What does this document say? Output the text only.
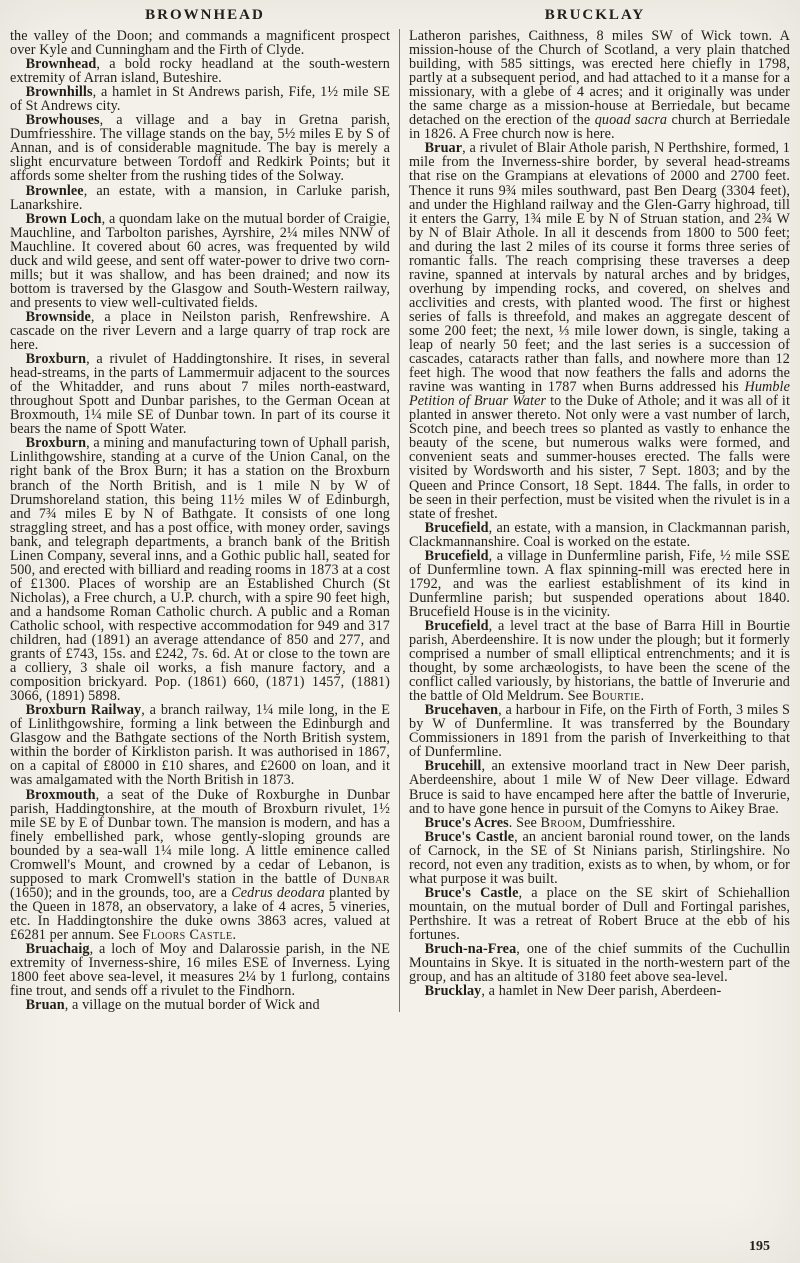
BROWNHEAD	BRUCKLAY

the valley of the Doon; and commands a magnificent prospect over Kyle and Cunningham and the Firth of Clyde.

Brownhead, a bold rocky headland at the south-western extremity of Arran island, Buteshire.

Brownhills, a hamlet in St Andrews parish, Fife, 1½ mile SE of St Andrews city.

Browhouses, a village and a bay in Gretna parish, Dumfriesshire. The village stands on the bay, 5½ miles E by S of Annan, and is of considerable magnitude. The bay is merely a slight encurvature between Tordoff and Redkirk Points; but it affords some shelter from the rushing tides of the Solway.

Brownlee, an estate, with a mansion, in Carluke parish, Lanarkshire.

Brown Loch, a quondam lake on the mutual border of Craigie, Mauchline, and Tarbolton parishes, Ayrshire, 2¼ miles NNW of Mauchline. It covered about 60 acres, was frequented by wild duck and wild geese, and sent off water-power to drive two corn-mills; but it was shallow, and has been drained; and now its bottom is traversed by the Glasgow and South-Western railway, and presents to view well-cultivated fields.

Brownside, a place in Neilston parish, Renfrewshire. A cascade on the river Levern and a large quarry of trap rock are here.

Broxburn, a rivulet of Haddingtonshire. It rises, in several head-streams, in the parts of Lammermuir adjacent to the sources of the Whitadder, and runs about 7 miles north-eastward, throughout Spott and Dunbar parishes, to the German Ocean at Broxmouth, 1¼ mile SE of Dunbar town. In part of its course it bears the name of Spott Water.

Broxburn, a mining and manufacturing town of Uphall parish, Linlithgowshire, standing at a curve of the Union Canal, on the right bank of the Brox Burn; it has a station on the Broxburn branch of the North British, and is 1 mile N by W of Drumshoreland station, this being 11½ miles W of Edinburgh, and 7¾ miles E by N of Bathgate. It consists of one long straggling street, and has a post office, with money order, savings bank, and telegraph departments, a branch bank of the British Linen Company, several inns, and a Gothic public hall, seated for 500, and erected with billiard and reading rooms in 1873 at a cost of £1300. Places of worship are an Established Church (St Nicholas), a Free church, a U.P. church, with a spire 90 feet high, and a handsome Roman Catholic church. A public and a Roman Catholic school, with respective accommodation for 949 and 317 children, had (1891) an average attendance of 850 and 277, and grants of £743, 15s. and £242, 7s. 6d. At or close to the town are a colliery, 3 shale oil works, a fish manure factory, and a composition brickyard. Pop. (1861) 660, (1871) 1457, (1881) 3066, (1891) 5898.

Broxburn Railway, a branch railway, 1¼ mile long, in the E of Linlithgowshire, forming a link between the Edinburgh and Glasgow and the Bathgate sections of the North British system, within the border of Kirkliston parish. It was authorised in 1867, on a capital of £8000 in £10 shares, and £2600 on loan, and it was amalgamated with the North British in 1873.

Broxmouth, a seat of the Duke of Roxburghe in Dunbar parish, Haddingtonshire, at the mouth of Broxburn rivulet, 1½ mile SE by E of Dunbar town. The mansion is modern, and has a finely embellished park, whose gently-sloping grounds are bounded by a sea-wall 1¼ mile long. A little eminence called Cromwell's Mount, and crowned by a cedar of Lebanon, is supposed to mark Cromwell's station in the battle of Dunbar (1650); and in the grounds, too, are a Cedrus deodara planted by the Queen in 1878, an observatory, a lake of 4 acres, 5 vineries, etc. In Haddingtonshire the duke owns 3863 acres, valued at £6281 per annum. See Floors Castle.

Bruachaig, a loch of Moy and Dalarossie parish, in the NE extremity of Inverness-shire, 16 miles ESE of Inverness. Lying 1800 feet above sea-level, it measures 2¼ by 1 furlong, contains fine trout, and sends off a rivulet to the Findhorn.

Bruan, a village on the mutual border of Wick and

Latheron parishes, Caithness, 8 miles SW of Wick town. A mission-house of the Church of Scotland, a very plain thatched building, with 585 sittings, was erected here chiefly in 1798, partly at a subsequent period, and had attached to it a manse for a missionary, with a glebe of 4 acres; and it originally was under the same charge as a mission-house at Berriedale, but became detached on the erection of the quoad sacra church at Berriedale in 1826. A Free church now is here.

Bruar, a rivulet of Blair Athole parish, N Perthshire, formed, 1 mile from the Inverness-shire border, by several head-streams that rise on the Grampians at elevations of 2000 and 2700 feet. Thence it runs 9¾ miles southward, past Ben Dearg (3304 feet), and under the Highland railway and the Glen-Garry highroad, till it enters the Garry, 1¾ mile E by N of Struan station, and 2¾ W by N of Blair Athole. In all it descends from 1800 to 500 feet; and during the last 2 miles of its course it forms three series of romantic falls. The reach comprising these traverses a deep ravine, spanned at intervals by natural arches and by bridges, overhung by impending rocks, and covered, on shelves and acclivities and crests, with planted wood. The first or highest series of falls is threefold, and makes an aggregate descent of some 200 feet; the next, ⅓ mile lower down, is single, taking a leap of nearly 50 feet; and the last series is a succession of cascades, cataracts rather than falls, and nowhere more than 12 feet high. The wood that now feathers the falls and adorns the ravine was wanting in 1787 when Burns addressed his Humble Petition of Bruar Water to the Duke of Athole; and it was all of it planted in answer thereto. Not only were a vast number of larch, Scotch pine, and beech trees so planted as vastly to enhance the beauty of the scene, but numerous walks were formed, and convenient seats and summer-houses erected. The falls were visited by Wordsworth and his sister, 7 Sept. 1803; and by the Queen and Prince Consort, 18 Sept. 1844. The falls, in order to be seen in their perfection, must be visited when the rivulet is in a state of freshet.

Brucefield, an estate, with a mansion, in Clackmannan parish, Clackmannanshire. Coal is worked on the estate.

Brucefield, a village in Dunfermline parish, Fife, ½ mile SSE of Dunfermline town. A flax spinning-mill was erected here in 1792, and was the earliest establishment of its kind in Dunfermline parish; but suspended operations about 1840. Brucefield House is in the vicinity.

Brucefield, a level tract at the base of Barra Hill in Bourtie parish, Aberdeenshire. It is now under the plough; but it formerly comprised a number of small elliptical entrenchments; and it is thought, by some archæologists, to have been the scene of the conflict called variously, by historians, the battle of Inverurie and the battle of Old Meldrum. See Bourtie.

Brucehaven, a harbour in Fife, on the Firth of Forth, 3 miles S by W of Dunfermline. It was transferred by the Boundary Commissioners in 1891 from the parish of Inverkeithing to that of Dunfermline.

Brucehill, an extensive moorland tract in New Deer parish, Aberdeenshire, about 1 mile W of New Deer village. Edward Bruce is said to have encamped here after the battle of Inverurie, and to have gone hence in pursuit of the Comyns to Aikey Brae.

Bruce's Acres. See Broom, Dumfriesshire.

Bruce's Castle, an ancient baronial round tower, on the lands of Carnock, in the SE of St Ninians parish, Stirlingshire. No record, not even any tradition, exists as to when, by whom, or for what purpose it was built.

Bruce's Castle, a place on the SE skirt of Schiehallion mountain, on the mutual border of Dull and Fortingal parishes, Perthshire. It was a retreat of Robert Bruce at the ebb of his fortunes.

Bruch-na-Frea, one of the chief summits of the Cuchullin Mountains in Skye. It is situated in the north-western part of the group, and has an altitude of 3180 feet above sea-level.

Brucklay, a hamlet in New Deer parish, Aberdeen-

195
